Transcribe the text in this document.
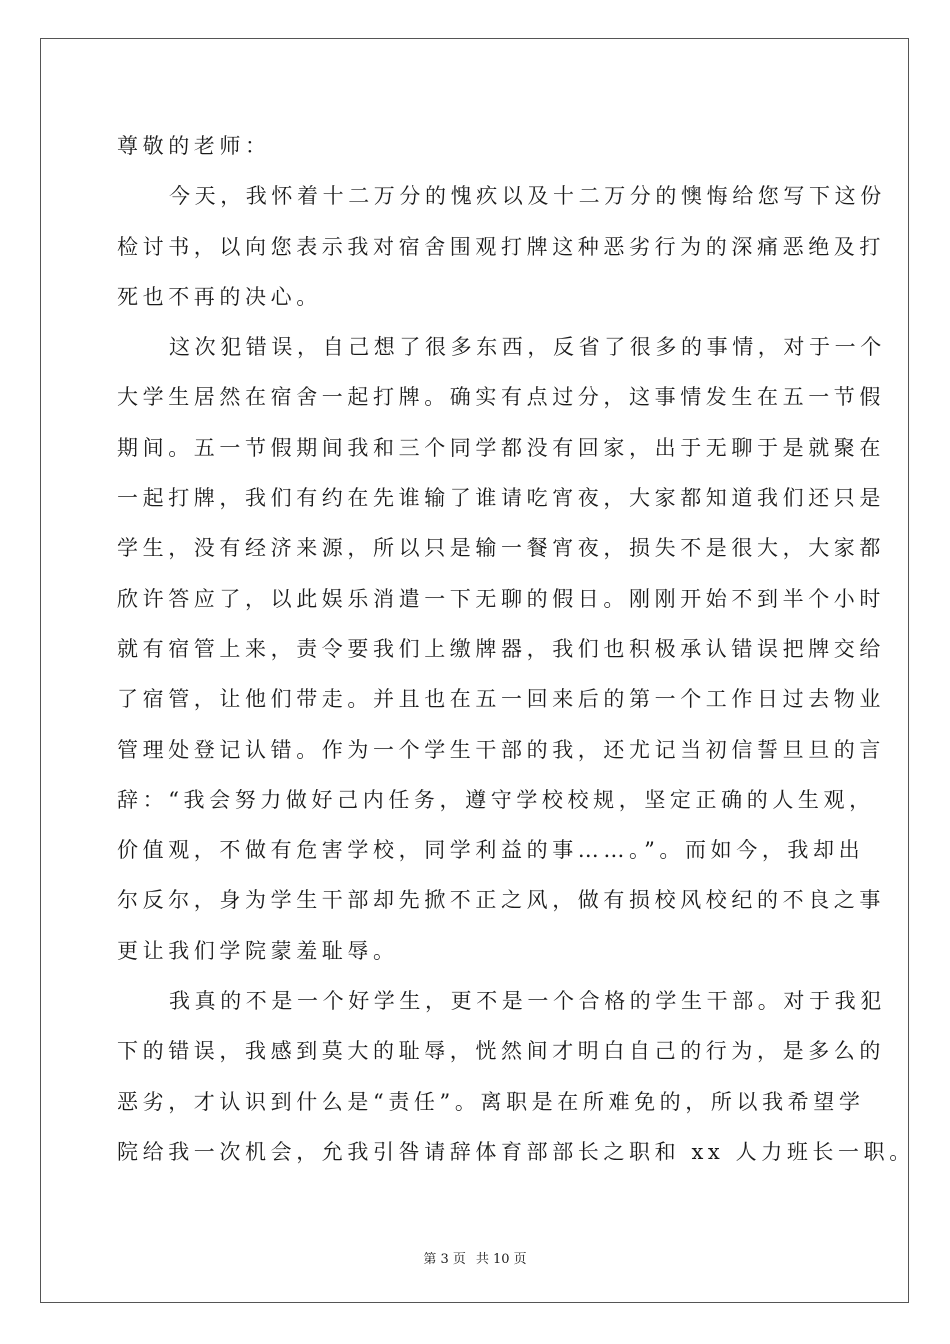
尊敬的老师：
今天，我怀着十二万分的愧疚以及十二万分的懊悔给您写下这份
检讨书，以向您表示我对宿舍围观打牌这种恶劣行为的深痛恶绝及打
死也不再的决心。
这次犯错误，自己想了很多东西，反省了很多的事情，对于一个
大学生居然在宿舍一起打牌。确实有点过分，这事情发生在五一节假
期间。五一节假期间我和三个同学都没有回家，出于无聊于是就聚在
一起打牌，我们有约在先谁输了谁请吃宵夜，大家都知道我们还只是
学生，没有经济来源，所以只是输一餐宵夜，损失不是很大，大家都
欣许答应了，以此娱乐消遣一下无聊的假日。刚刚开始不到半个小时
就有宿管上来，责令要我们上缴牌器，我们也积极承认错误把牌交给
了宿管，让他们带走。并且也在五一回来后的第一个工作日过去物业
管理处登记认错。作为一个学生干部的我，还尤记当初信誓旦旦的言
辞：“我会努力做好己内任务，遵守学校校规，坚定正确的人生观，
价值观，不做有危害学校，同学利益的事……。”。而如今，我却出
尔反尔，身为学生干部却先掀不正之风，做有损校风校纪的不良之事
更让我们学院蒙羞耻辱。
我真的不是一个好学生，更不是一个合格的学生干部。对于我犯
下的错误，我感到莫大的耻辱，恍然间才明白自己的行为，是多么的
恶劣，才认识到什么是“责任”。离职是在所难免的，所以我希望学
院给我一次机会，允我引咎请辞体育部部长之职和 xx 人力班长一职。
第 3 页 共 10 页
